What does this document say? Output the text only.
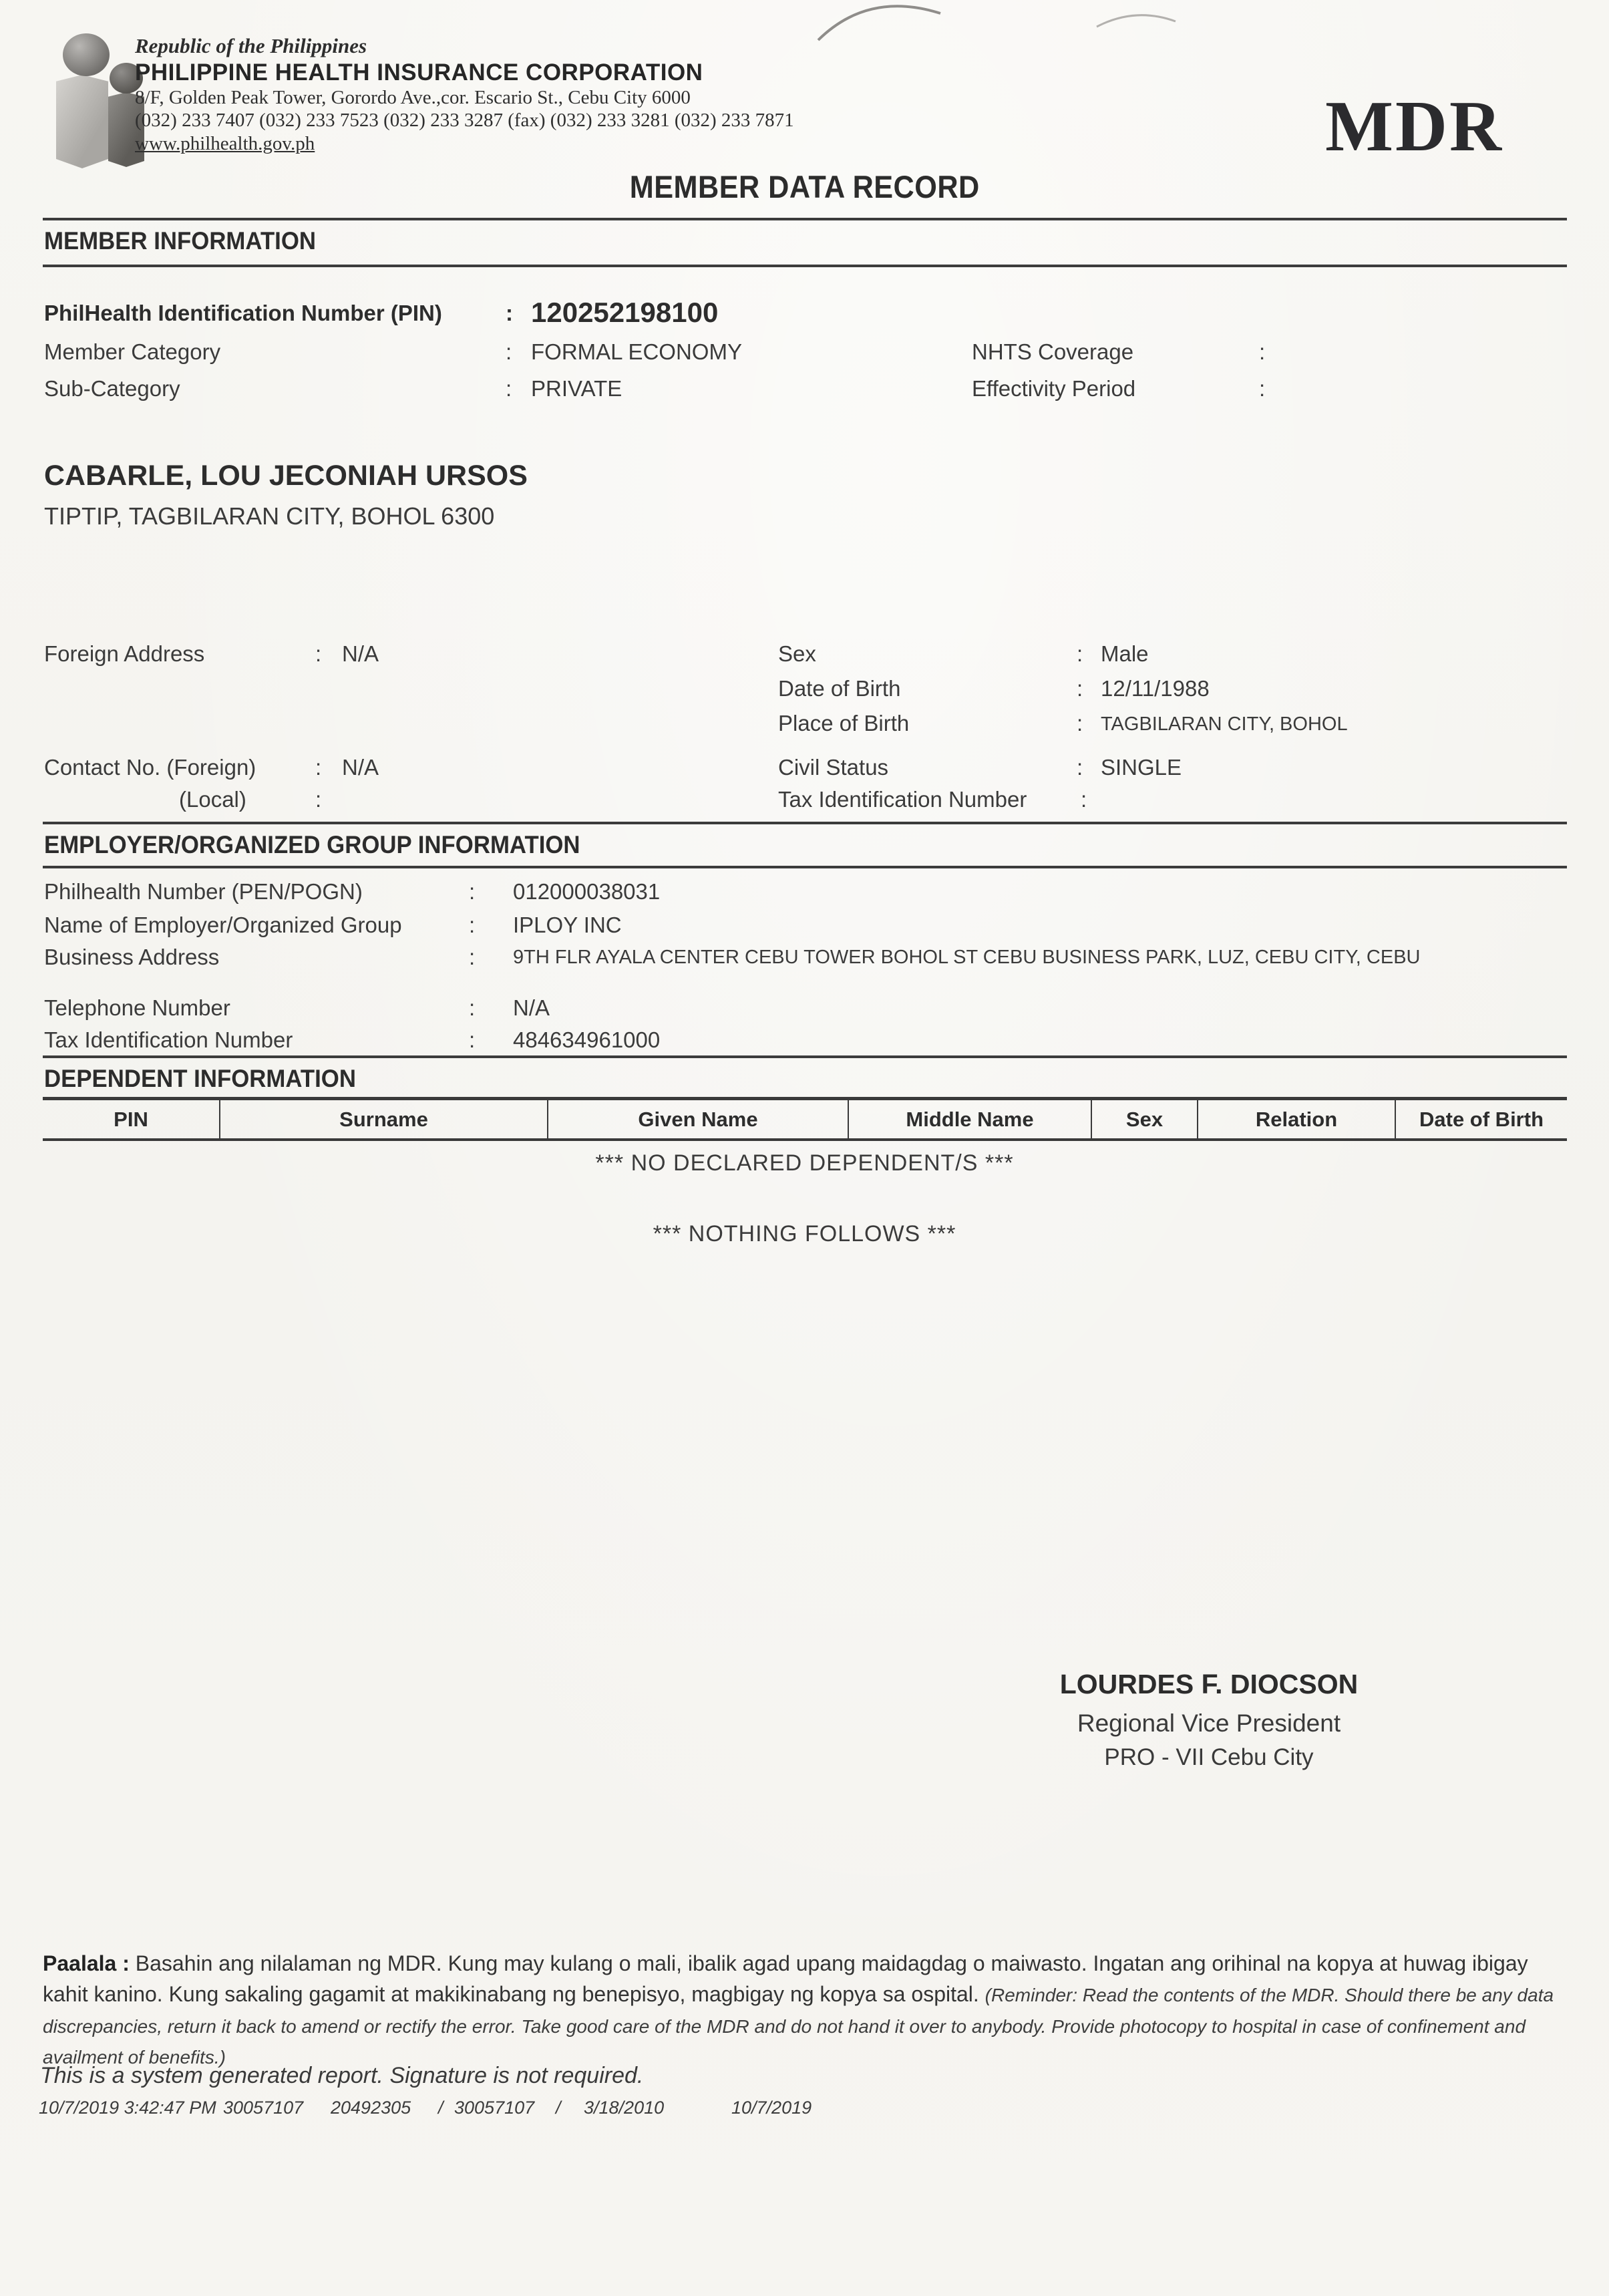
Republic of the Philippines
PHILIPPINE HEALTH INSURANCE CORPORATION
8/F, Golden Peak Tower, Gorordo Ave.,cor. Escario St., Cebu City 6000
(032) 233 7407 (032) 233 7523 (032) 233 3287 (fax) (032) 233 3281 (032) 233 7871
www.philhealth.gov.ph	MDR
MEMBER DATA RECORD
MEMBER INFORMATION
PhilHealth Identification Number (PIN)	: 120252198100
Member Category	: FORMAL ECONOMY	NHTS Coverage	:
Sub-Category	: PRIVATE	Effectivity Period	:
CABARLE, LOU JECONIAH URSOS
TIPTIP, TAGBILARAN CITY, BOHOL 6300
Foreign Address	: N/A	Sex	: Male
Date of Birth	: 12/11/1988
Place of Birth	: TAGBILARAN CITY, BOHOL
Contact No. (Foreign)	: N/A	Civil Status	: SINGLE
(Local)	:	Tax Identification Number :
EMPLOYER/ORGANIZED GROUP INFORMATION
Philhealth Number (PEN/POGN)	: 012000038031
Name of Employer/Organized Group	: IPLOY INC
Business Address	: 9TH FLR AYALA CENTER CEBU TOWER BOHOL ST CEBU BUSINESS PARK, LUZ, CEBU CITY, CEBU
Telephone Number	: N/A
Tax Identification Number	: 484634961000
DEPENDENT INFORMATION
PIN	Surname	Given Name	Middle Name	Sex	Relation	Date of Birth
*** NO DECLARED DEPENDENT/S ***
*** NOTHING FOLLOWS ***
LOURDES F. DIOCSON
Regional Vice President
PRO - VII Cebu City

Paalala : Basahin ang nilalaman ng MDR. Kung may kulang o mali, ibalik agad upang maidagdag o maiwasto. Ingatan ang orihinal na kopya at huwag ibigay kahit kanino. Kung sakaling gagamit at makikinabang ng benepisyo, magbigay ng kopya sa ospital. (Reminder: Read the contents of the MDR. Should there be any data discrepancies, return it back to amend or rectify the error. Take good care of the MDR and do not hand it over to anybody. Provide photocopy to hospital in case of confinement and availment of benefits.)

This is a system generated report. Signature is not required.
10/7/2019 3:42:47 PM 30057107 20492305 / 30057107 / 3/18/2010	10/7/2019
